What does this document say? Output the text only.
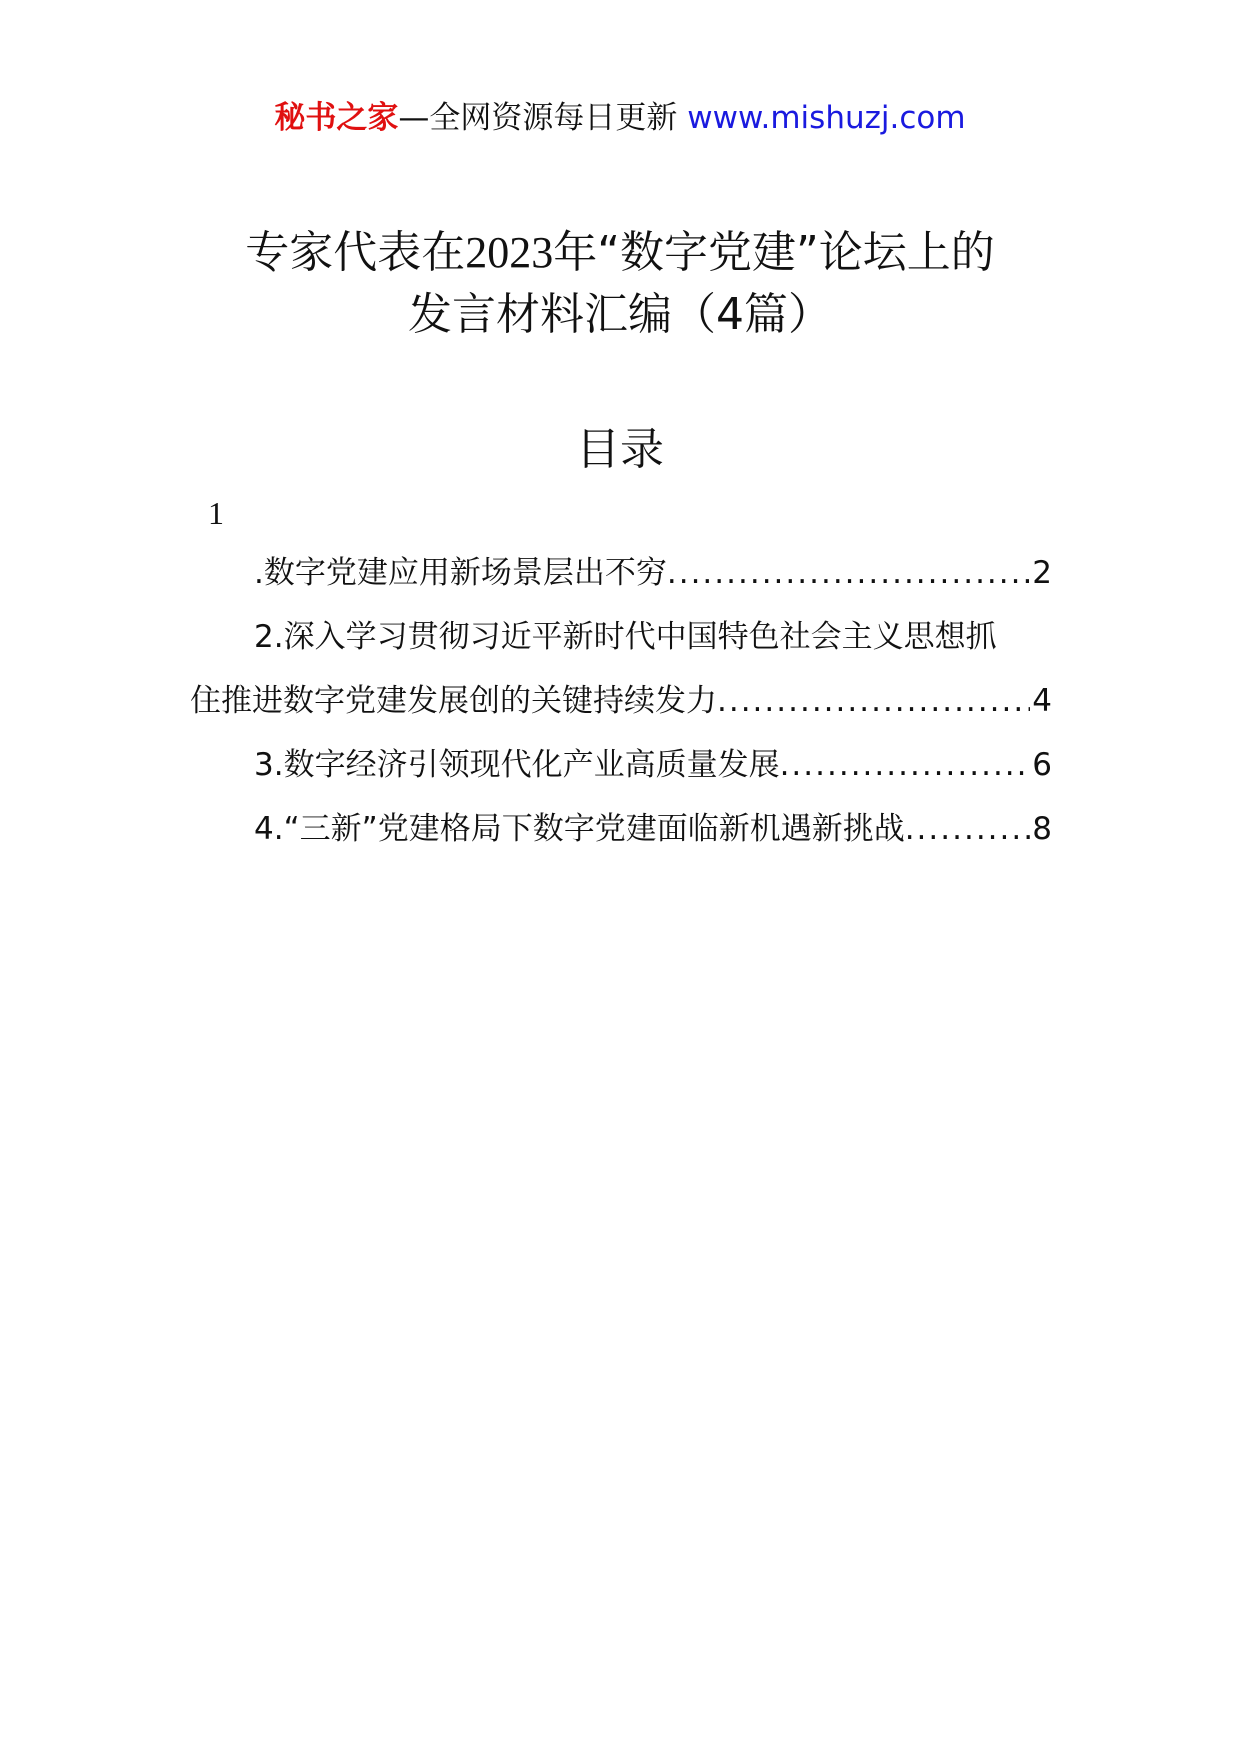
秘书之家—全网资源每日更新 www.mishuzj.com
专家代表在2023年“数字党建”论坛上的
发言材料汇编（4篇）
目录
1
.数字党建应用新场景层出不穷 .....	2
2.深入学习贯彻习近平新时代中国特色社会主义思想抓
住推进数字党建发展创的关键持续发力 .....	4
3.数字经济引领现代化产业高质量发展 .....	6
4.“三新”党建格局下数字党建面临新机遇新挑战 .....	8
